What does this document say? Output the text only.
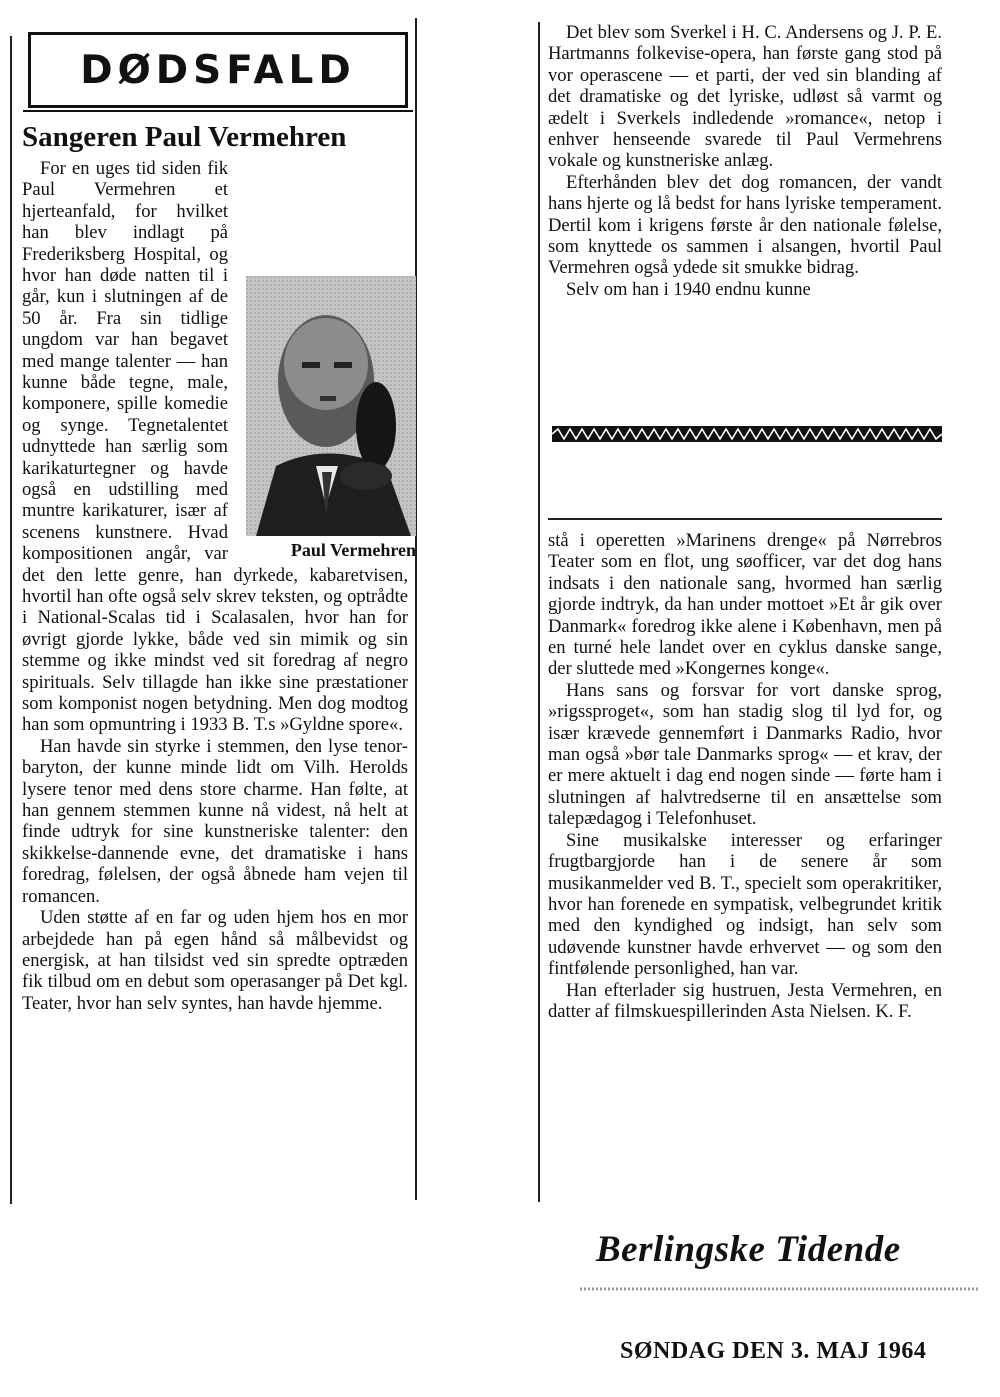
DØDSFALD
Sangeren Paul Vermehren
Paul Vermehren

For en uges tid siden fik Paul Vermehren et hjerteanfald, for hvilket han blev indlagt på Frederiksberg Hospital, og hvor han døde natten til i går, kun i slutningen af de 50 år. Fra sin tidlige ungdom var han begavet med mange talenter — han kunne både tegne, male, komponere, spille komedie og synge. Tegnetalentet udnyttede han særlig som karikaturtegner og havde også en udstilling med muntre karikaturer, især af scenens kunstnere. Hvad kompositionen angår, var det den lette genre, han dyrkede, kabaretvisen, hvortil han ofte også selv skrev teksten, og optrådte i National-Scalas tid i Scalasalen, hvor han for øvrigt gjorde lykke, både ved sin mimik og sin stemme og ikke mindst ved sit foredrag af negro spirituals. Selv tillagde han ikke sine præstationer som komponist nogen betydning. Men dog modtog han som opmuntring i 1933 B. T.s »Gyldne spore«.

Han havde sin styrke i stemmen, den lyse tenor-baryton, der kunne minde lidt om Vilh. Herolds lysere tenor med dens store charme. Han følte, at han gennem stemmen kunne nå videst, nå helt at finde udtryk for sine kunstneriske talenter: den skikkelse-dannende evne, det dramatiske i hans foredrag, følelsen, der også åbnede ham vejen til romancen.

Uden støtte af en far og uden hjem hos en mor arbejdede han på egen hånd så målbevidst og energisk, at han tilsidst ved sin spredte optræden fik tilbud om en debut som operasanger på Det kgl. Teater, hvor han selv syntes, han havde hjemme.

Det blev som Sverkel i H. C. Andersens og J. P. E. Hartmanns folkevise-opera, han første gang stod på vor operascene — et parti, der ved sin blanding af det dramatiske og det lyriske, udløst så varmt og ædelt i Sverkels indledende »romance«, netop i enhver henseende svarede til Paul Vermehrens vokale og kunstneriske anlæg.

Efterhånden blev det dog romancen, der vandt hans hjerte og lå bedst for hans lyriske temperament. Dertil kom i krigens første år den nationale følelse, som knyttede os sammen i alsangen, hvortil Paul Vermehren også ydede sit smukke bidrag.

Selv om han i 1940 endnu kunne

stå i operetten »Marinens drenge« på Nørrebros Teater som en flot, ung søofficer, var det dog hans indsats i den nationale sang, hvormed han særlig gjorde indtryk, da han under mottoet »Et år gik over Danmark« foredrog ikke alene i København, men på en turné hele landet over en cyklus danske sange, der sluttede med »Kongernes konge«.

Hans sans og forsvar for vort danske sprog, »rigssproget«, som han stadig slog til lyd for, og især krævede gennemført i Danmarks Radio, hvor man også »bør tale Danmarks sprog« — et krav, der er mere aktuelt i dag end nogen sinde — førte ham i slutningen af halvtredserne til en ansættelse som talepædagog i Telefonhuset.

Sine musikalske interesser og erfaringer frugtbargjorde han i de senere år som musikanmelder ved B. T., specielt som operakritiker, hvor han forenede en sympatisk, velbegrundet kritik med den kyndighed og indsigt, han selv som udøvende kunstner havde erhvervet — og som den fintfølende personlighed, han var.

Han efterlader sig hustruen, Jesta Vermehren, en datter af filmskuespillerinden Asta Nielsen. K. F.

Berlingske Tidende
SØNDAG DEN 3. MAJ 1964
